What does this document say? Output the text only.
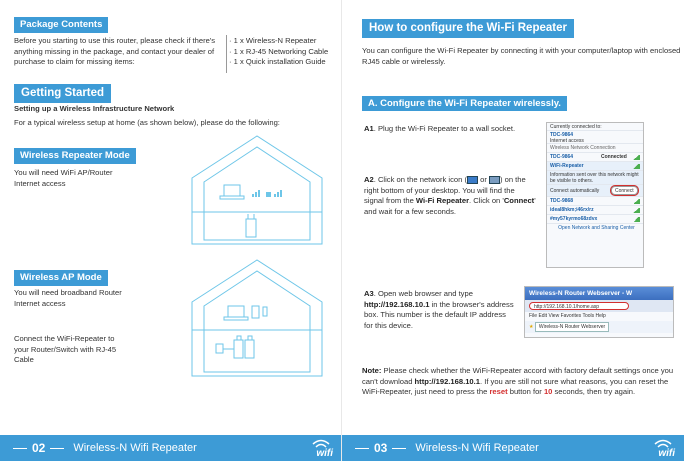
Package Contents
Before you starting to use this router, please check if there's anything missing in the package, and contact your dealer of purchase to claim for missing items:
· 1 x Wireless-N Repeater
· 1 x RJ-45 Networking Cable
· 1 x Quick installation Guide
Getting Started
Setting up a Wireless Infrastructure Network
For a typical wireless setup at home (as shown below), please do the following:
Wireless Repeater Mode
You will need WiFi AP/Router Internet access
Wireless AP Mode
You will need broadband Router Internet access
Connect the WiFi-Repeater to your Router/Switch with RJ-45 Cable
02	Wireless-N Wifi Repeater	wifi
How to configure the Wi-Fi Repeater
You can configure the Wi-Fi Repeater by connecting it with your computer/laptop with enclosed RJ45 cable or wirelessly.
A. Configure the Wi-Fi Repeater wirelessly.
A1. Plug the Wi-Fi Repeater to a wall socket.
A2. Click on the network icon ( or ) on the right bottom of your desktop. You will find the signal from the Wi-Fi Repeater. Click on 'Connect' and wait for a few seconds.
Currently connected to:
TDC-9864
Internet access
Wireless Network Connection
TDC-9864	Connected
WiFi-Repeater
Information sent over this network might be visible to others.
Connect automatically	Connect
TDC-9868
ideal8hkm;i46rx/rz
#my57kyrmo68zdvx
Open Network and Sharing Center
A3. Open web browser and type http://192.168.10.1 in the browser's address box. This number is the default IP address for this device.
Wireless-N Router Webserver - W
http://192.168.10.1/home.asp
File Edit View Favorites Tools Help
★ Wireless-N Router Webserver
Note: Please check whether the WiFi-Repeater accord with factory default settings once you can't download http://192.168.10.1. If you are still not sure what reasons, you can reset the WiFi-Repeater, just need to press the reset button for 10 seconds, then try again.
03	Wireless-N Wifi Repeater	wifi
